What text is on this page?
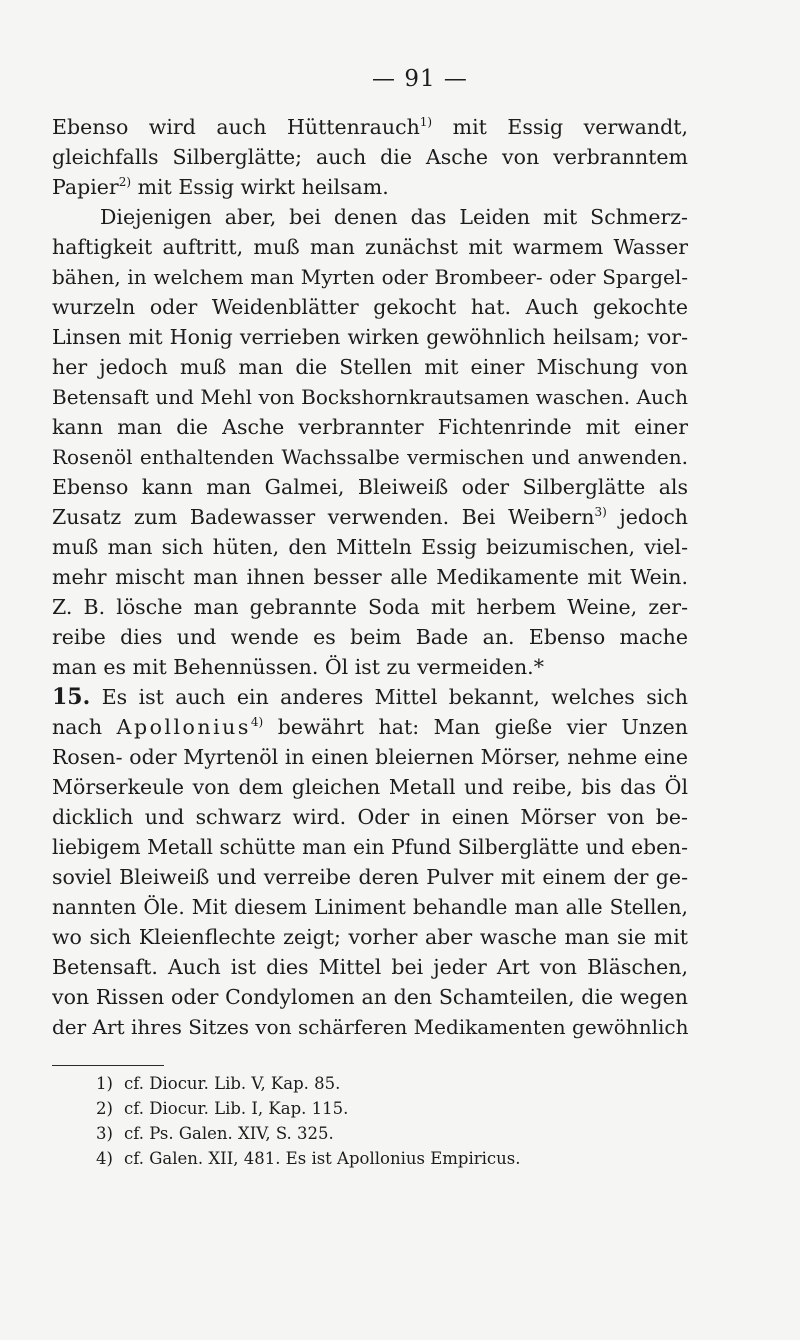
— 91 —
Ebenso wird auch Hüttenrauch$^{1)}$ mit Essig verwandt,
gleichfalls Silberglätte; auch die Asche von verbranntem
Papier$^{2)}$ mit Essig wirkt heilsam.
Diejenigen aber, bei denen das Leiden mit Schmerz-
haftigkeit auftritt, muß man zunächst mit warmem Wasser
bähen, in welchem man Myrten oder Brombeer- oder Spargel-
wurzeln oder Weidenblätter gekocht hat. Auch gekochte
Linsen mit Honig verrieben wirken gewöhnlich heilsam; vor-
her jedoch muß man die Stellen mit einer Mischung von
Betensaft und Mehl von Bockshornkrautsamen waschen. Auch
kann man die Asche verbrannter Fichtenrinde mit einer
Rosenöl enthaltenden Wachssalbe vermischen und anwenden.
Ebenso kann man Galmei, Bleiweiß oder Silberglätte als
Zusatz zum Badewasser verwenden. Bei Weibern$^{3)}$ jedoch
muß man sich hüten, den Mitteln Essig beizumischen, viel-
mehr mischt man ihnen besser alle Medikamente mit Wein.
Z. B. lösche man gebrannte Soda mit herbem Weine, zer-
reibe dies und wende es beim Bade an. Ebenso mache
man es mit Behennüssen. Öl ist zu vermeiden.*
15. Es ist auch ein anderes Mittel bekannt, welches sich
nach Apollonius$^{4)}$ bewährt hat: Man gieße vier Unzen
Rosen- oder Myrtenöl in einen bleiernen Mörser, nehme eine
Mörserkeule von dem gleichen Metall und reibe, bis das Öl
dicklich und schwarz wird. Oder in einen Mörser von be-
liebigem Metall schütte man ein Pfund Silberglätte und eben-
soviel Bleiweiß und verreibe deren Pulver mit einem der ge-
nannten Öle. Mit diesem Liniment behandle man alle Stellen,
wo sich Kleienflechte zeigt; vorher aber wasche man sie mit
Betensaft. Auch ist dies Mittel bei jeder Art von Bläschen,
von Rissen oder Condylomen an den Schamteilen, die wegen
der Art ihres Sitzes von schärferen Medikamenten gewöhnlich
1) cf. Diocur. Lib. V, Kap. 85.
2) cf. Diocur. Lib. I, Kap. 115.
3) cf. Ps. Galen. XIV, S. 325.
4) cf. Galen. XII, 481. Es ist Apollonius Empiricus.
